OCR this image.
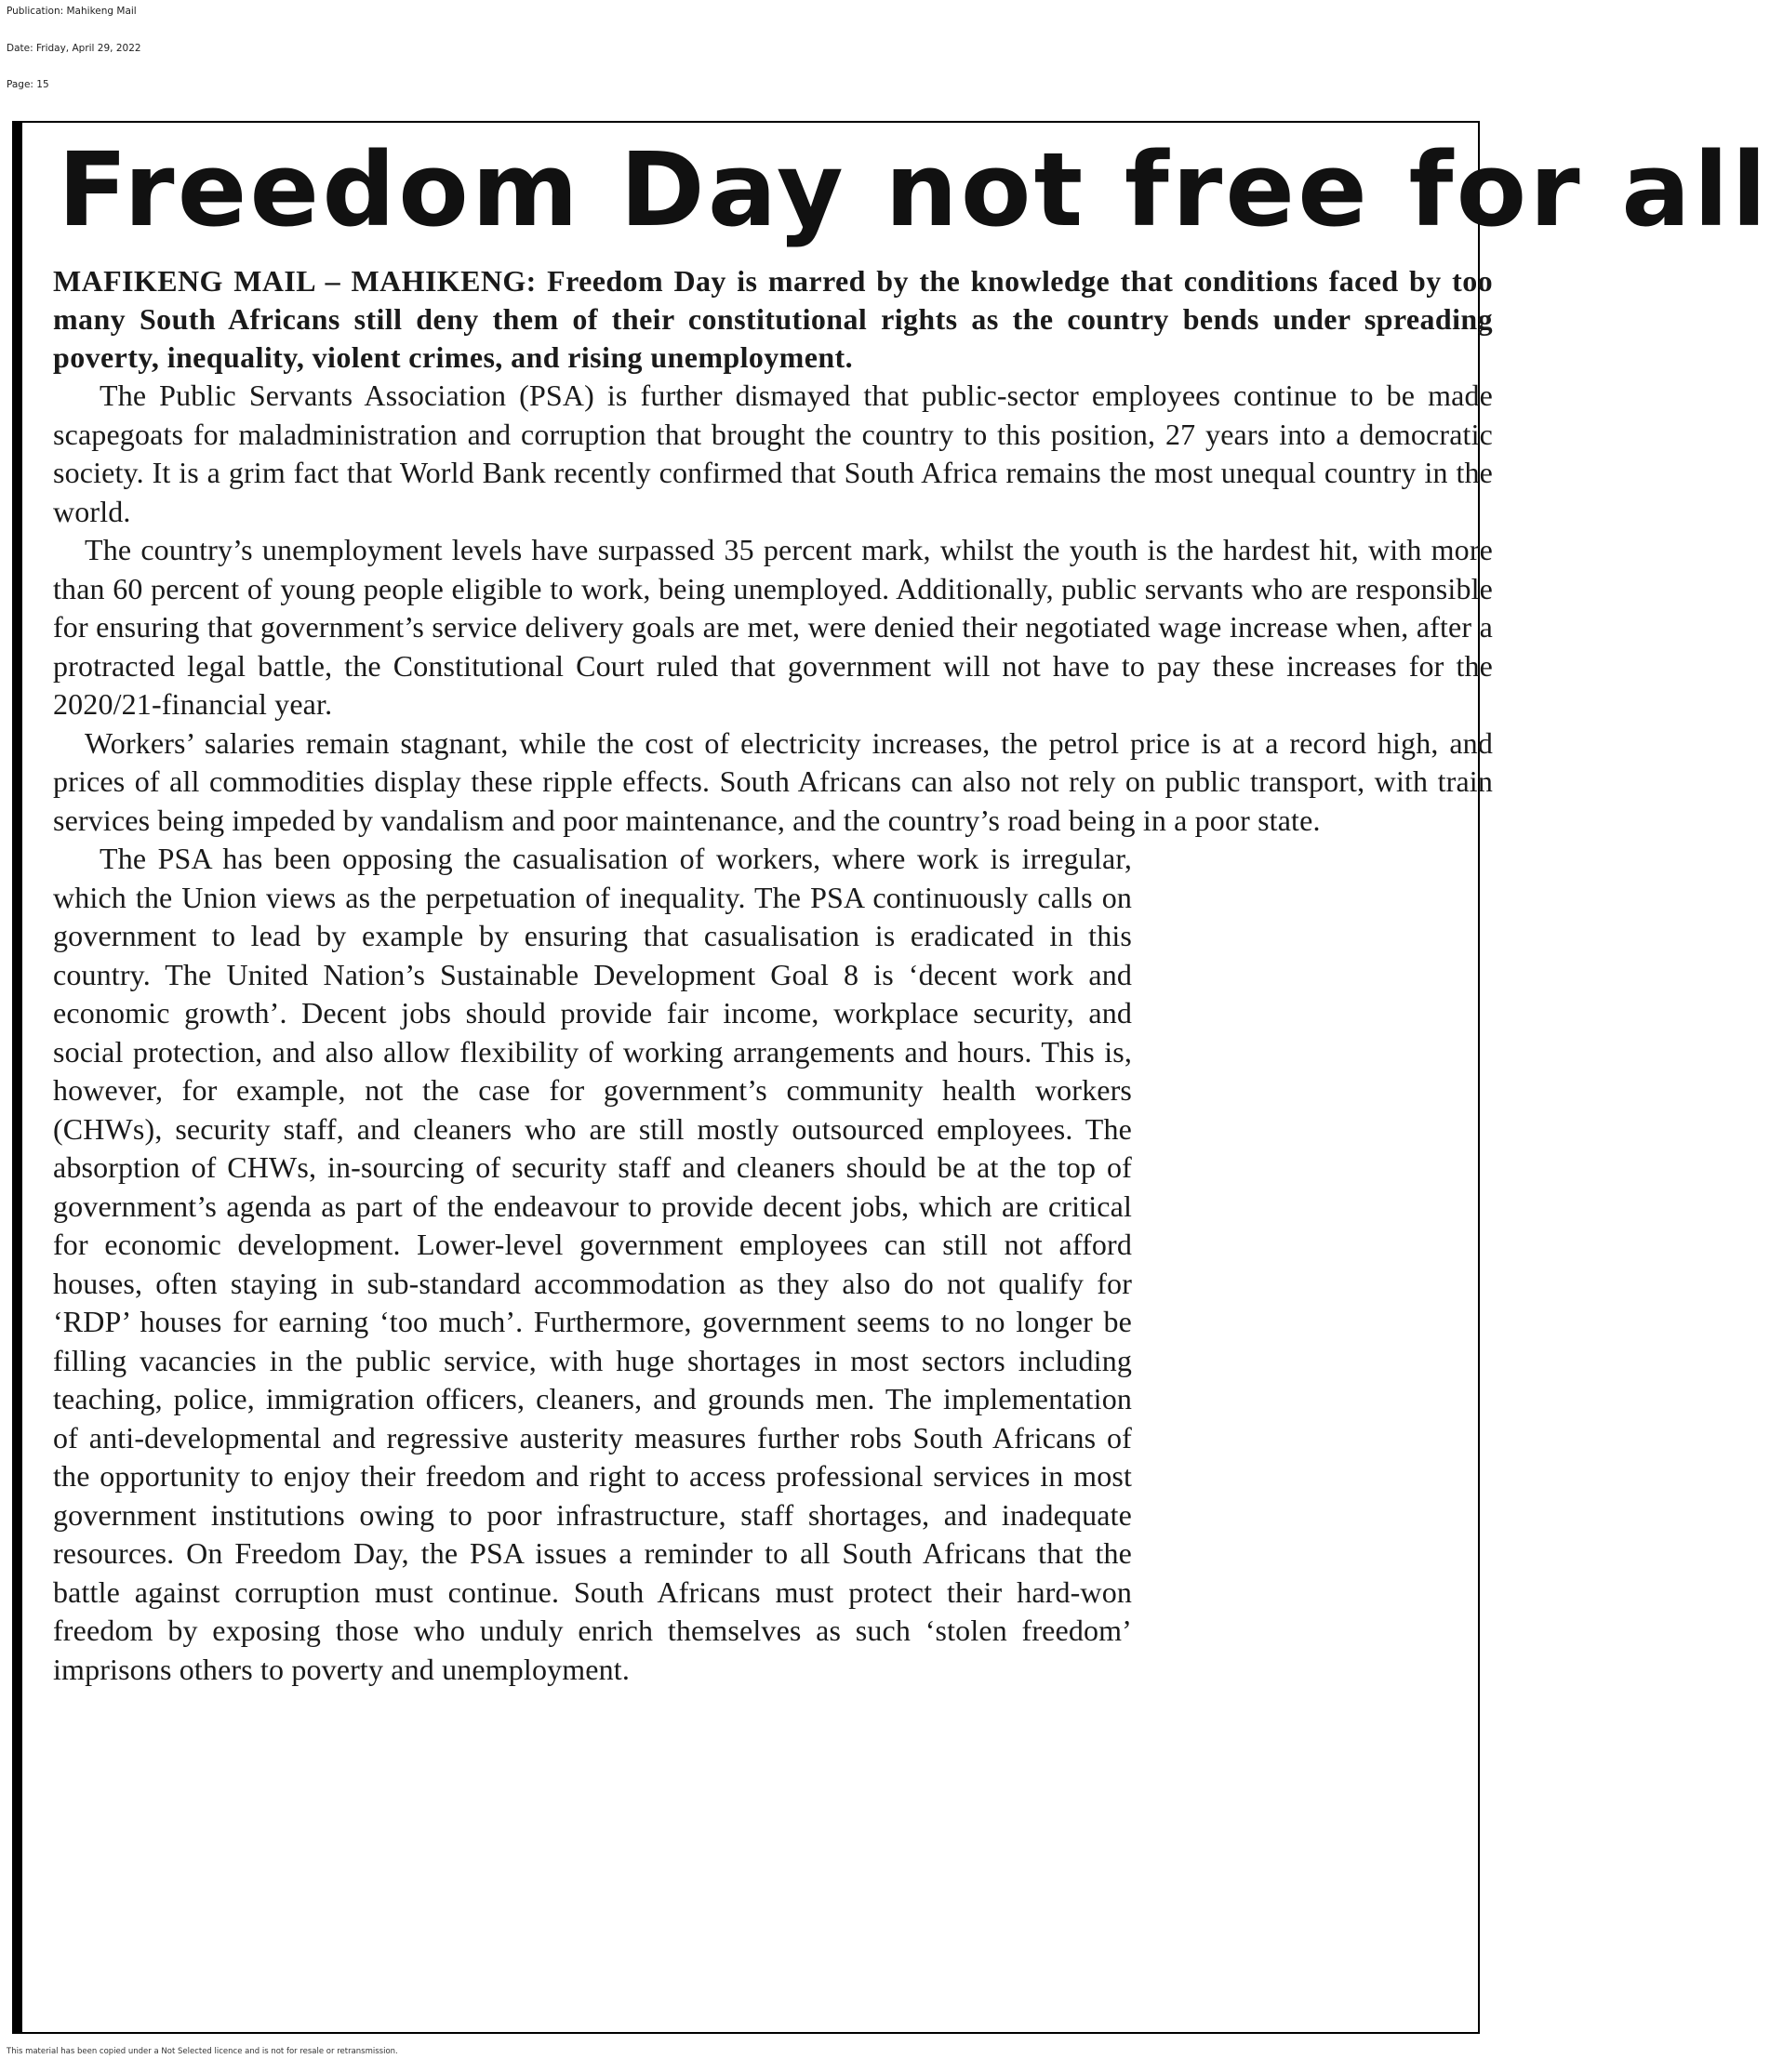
Publication: Mahikeng Mail
Date: Friday, April 29, 2022
Page: 15
Freedom Day not free for all

MAFIKENG MAIL – MAHIKENG: Freedom Day is marred by the knowledge that conditions faced by too many South Africans still deny them of their constitutional rights as the country bends under spreading poverty, inequality, violent crimes, and rising unemployment.

The Public Servants Association (PSA) is further dismayed that public-sector employees continue to be made scapegoats for maladministration and corruption that brought the country to this position, 27 years into a democratic society. It is a grim fact that World Bank recently confirmed that South Africa remains the most unequal country in the world.

The country’s unemployment levels have surpassed 35 percent mark, whilst the youth is the hardest hit, with more than 60 percent of young people eligible to work, being unemployed. Additionally, public servants who are responsible for ensuring that government’s service delivery goals are met, were denied their negotiated wage increase when, after a protracted legal battle, the Constitutional Court ruled that government will not have to pay these increases for the 2020/21-financial year.

Workers’ salaries remain stagnant, while the cost of electricity increases, the petrol price is at a record high, and prices of all commodities display these ripple effects. South Africans can also not rely on public transport, with train services being impeded by vandalism and poor maintenance, and the country’s road being in a poor state.

The PSA has been opposing the casualisation of workers, where work is irregular, which the Union views as the perpetuation of inequality. The PSA continuously calls on government to lead by example by ensuring that casualisation is eradicated in this country. The United Nation’s Sustainable Development Goal 8 is ‘decent work and economic growth’. Decent jobs should provide fair income, workplace security, and social protection, and also allow flexibility of working arrangements and hours. This is, however, for example, not the case for government’s community health workers (CHWs), security staff, and cleaners who are still mostly outsourced employees. The absorption of CHWs, in-sourcing of security staff and cleaners should be at the top of government’s agenda as part of the endeavour to provide decent jobs, which are critical for economic development. Lower-level government employees can still not afford houses, often staying in sub-standard accommodation as they also do not qualify for ‘RDP’ houses for earning ‘too much’. Furthermore, government seems to no longer be filling vacancies in the public service, with huge shortages in most sectors including teaching, police, immigration officers, cleaners, and grounds men. The implementation of anti-developmental and regressive austerity measures further robs South Africans of the opportunity to enjoy their freedom and right to access professional services in most government institutions owing to poor infrastructure, staff shortages, and inadequate resources. On Freedom Day, the PSA issues a reminder to all South Africans that the battle against corruption must continue. South Africans must protect their hard-won freedom by exposing those who unduly enrich themselves as such ‘stolen freedom’ imprisons others to poverty and unemployment.

This material has been copied under a Not Selected licence and is not for resale or retransmission.
